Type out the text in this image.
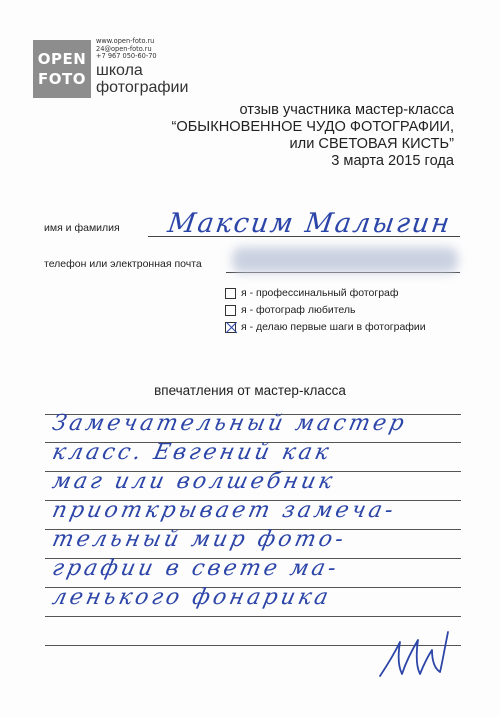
OPEN
FOTO
www.open-foto.ru
24@open-foto.ru
+7 967 050-60-70
школа
фотографии
отзыв участника мастер-класса
“ОБЫКНОВЕННОЕ ЧУДО ФОТОГРАФИИ,
или СВЕТОВАЯ КИСТЬ”
3 марта 2015 года
имя и фамилия Максим Малыгин
телефон или электронная почта
я - профессинальный фотограф
я - фотограф любитель
я - делаю первые шаги в фотографии
впечатления от мастер-класса
Замечательный мастер
класс. Евгений как
маг или волшебник
приоткрывает замеча-
тельный мир фото-
графии в свете ма-
ленького фонарика
